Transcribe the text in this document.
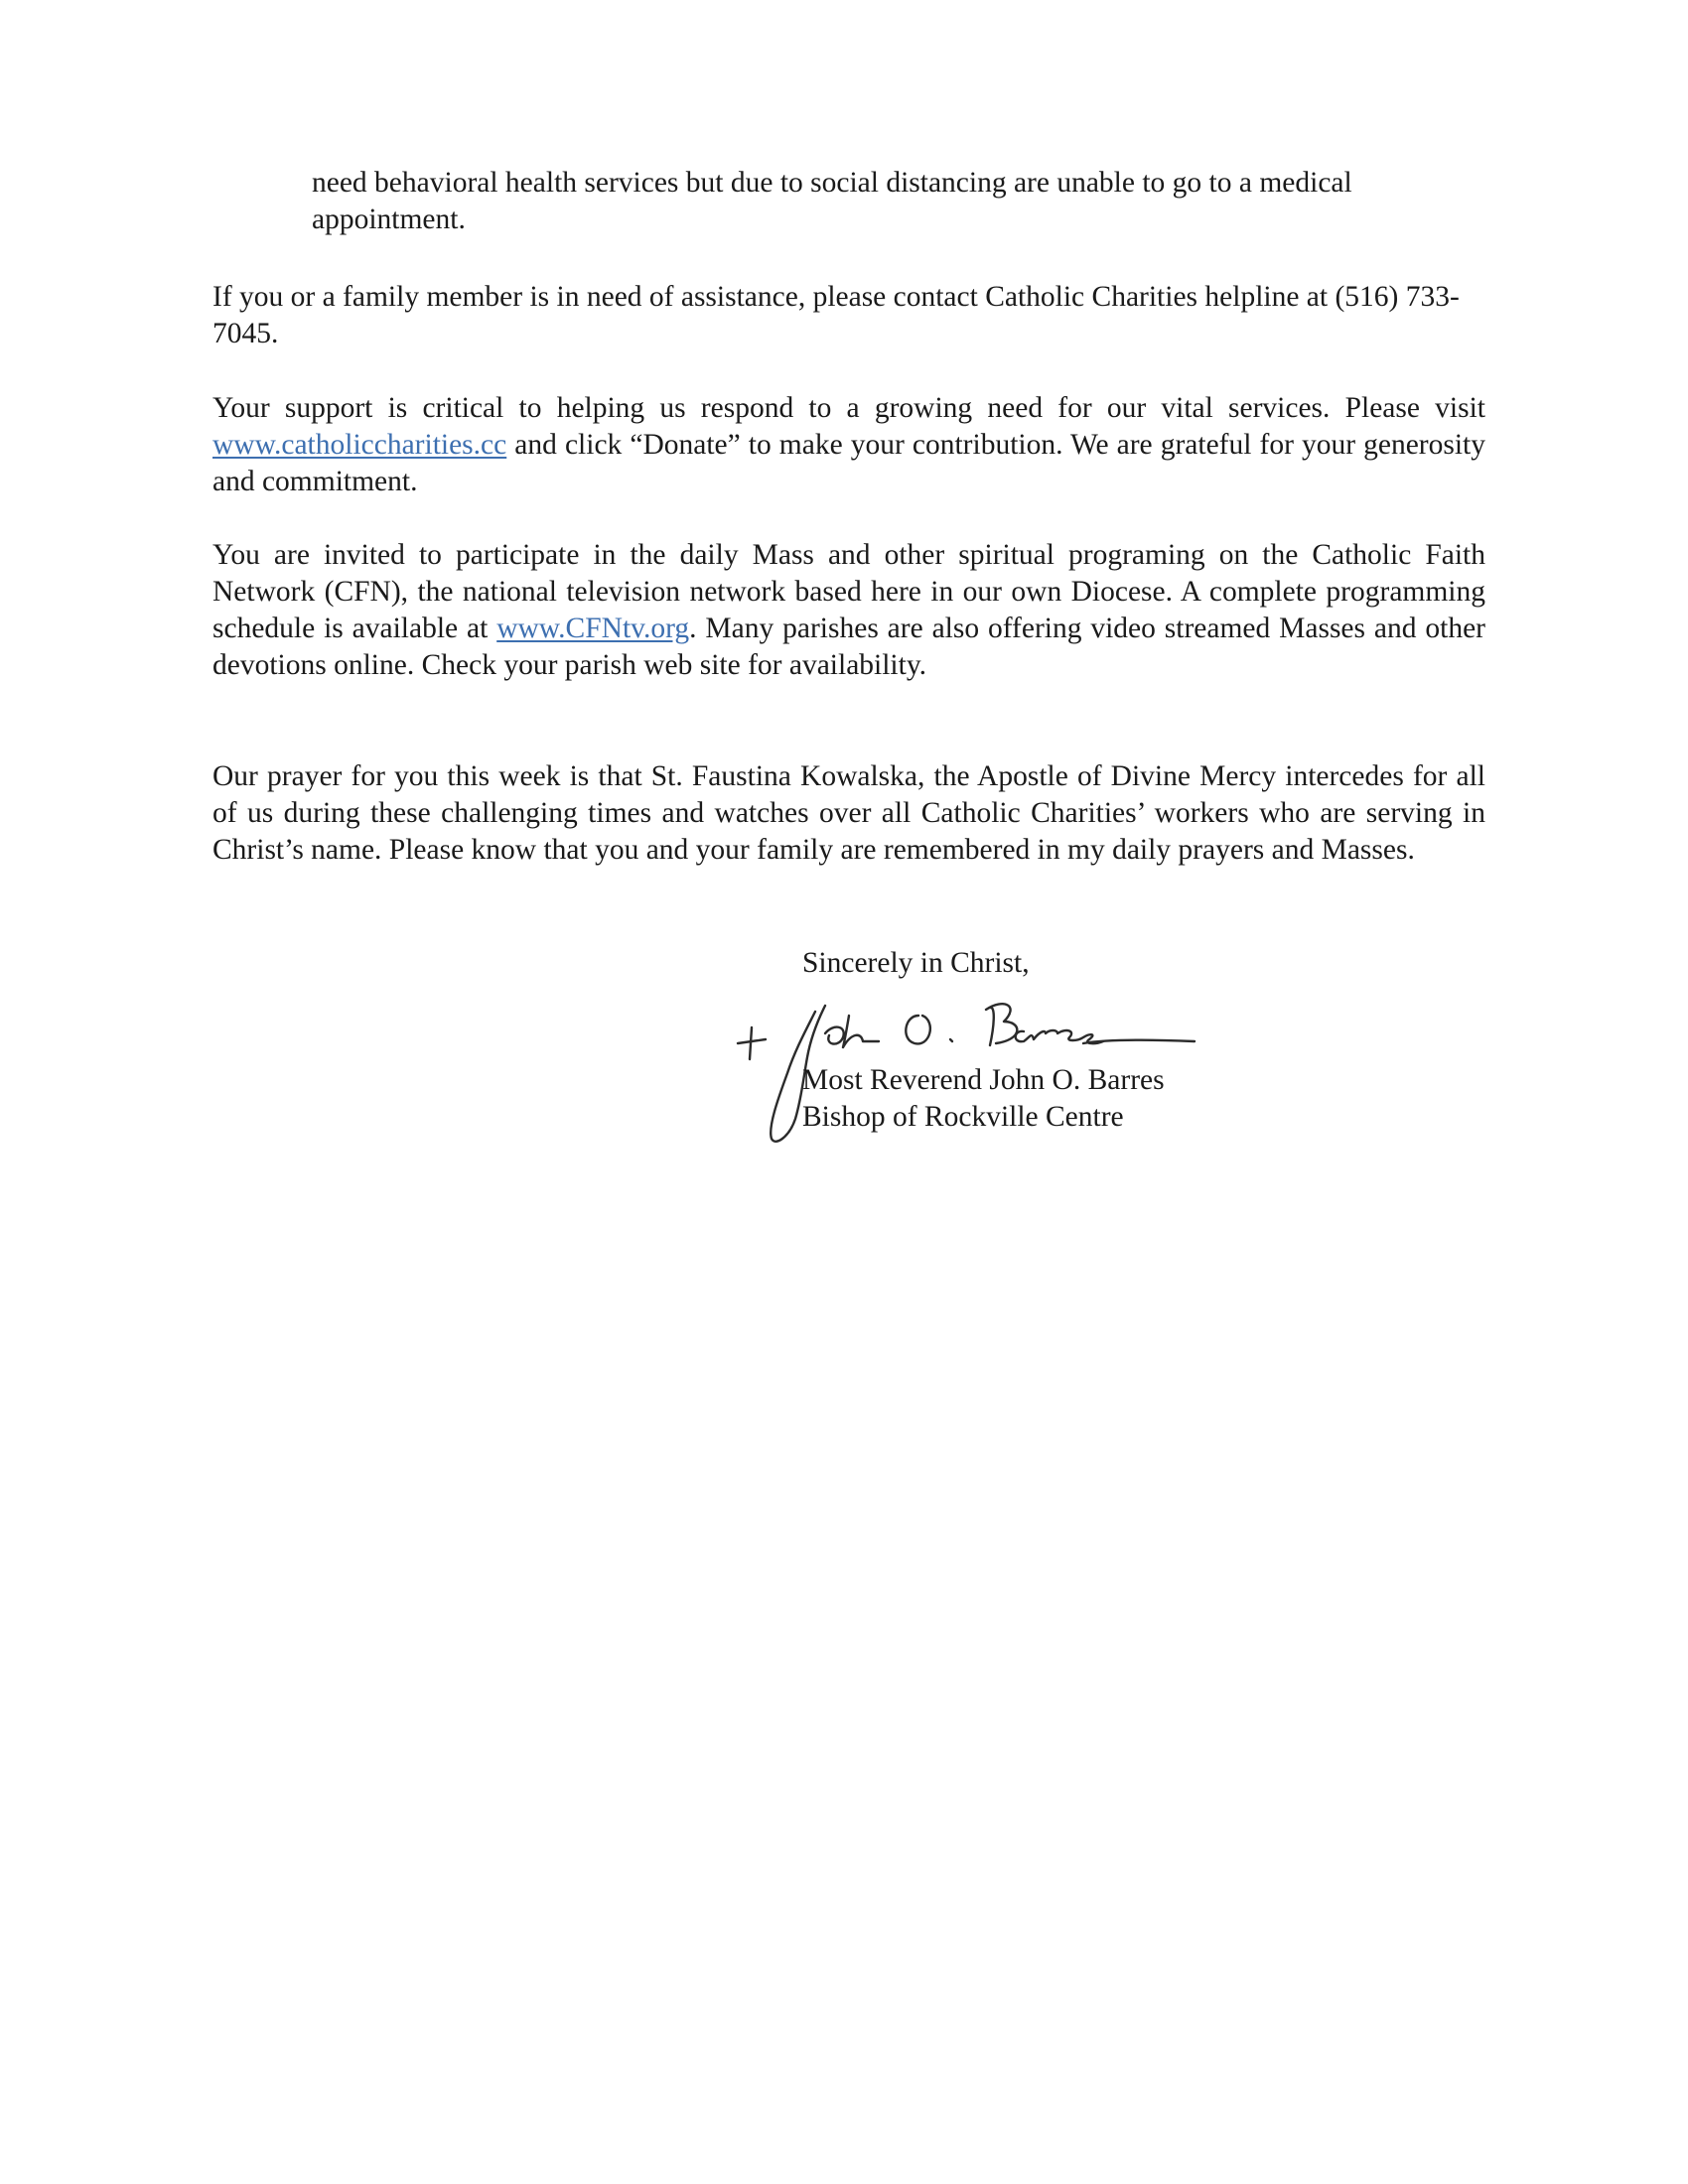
need behavioral health services but due to social distancing are unable to go to a medical appointment.

If you or a family member is in need of assistance, please contact Catholic Charities helpline at (516) 733-7045.

Your support is critical to helping us respond to a growing need for our vital services. Please visit www.catholiccharities.cc and click “Donate” to make your contribution. We are grateful for your generosity and commitment.

You are invited to participate in the daily Mass and other spiritual programing on the Catholic Faith Network (CFN), the national television network based here in our own Diocese. A complete programming schedule is available at www.CFNtv.org. Many parishes are also offering video streamed Masses and other devotions online. Check your parish web site for availability.

Our prayer for you this week is that St. Faustina Kowalska, the Apostle of Divine Mercy intercedes for all of us during these challenging times and watches over all Catholic Charities’ workers who are serving in Christ’s name. Please know that you and your family are remembered in my daily prayers and Masses.

Sincerely in Christ,

Most Reverend John O. Barres

Bishop of Rockville Centre
